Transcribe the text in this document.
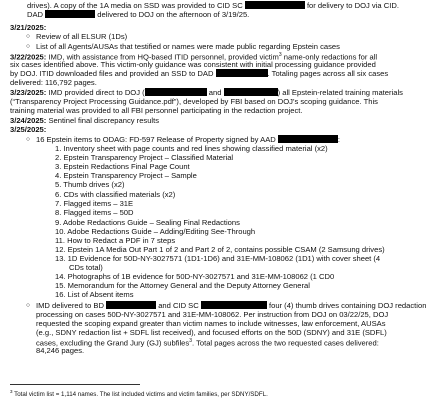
drives). A copy of the 1A media on SSD was provided to CID SC	for delivery to DOJ via CID.
DAD	delivered to DOJ on the afternoon of 3/19/25.
3/21/2025:
○ Review of all ELSUR (1Ds)
○ List of all Agents/AUSAs that testified or names were made public regarding Epstein cases
3/22/2025: IMD, with assistance from HQ-based ITID personnel, provided victim$^3$ name-only redactions for all
six cases identified above. This victim-only guidance was consistent with initial processing guidance provided
by DOJ. ITID downloaded files and provided an SSD to DAD	. Totaling pages across all six cases
delivered: 116,792 pages.
3/23/2025: IMD provided direct to DOJ (	and	) all Epstein-related training materials
(“Transparency Project Processing Guidance.pdf”), developed by FBI based on DOJ’s scoping guidance. This
training material was provided to all FBI personnel participating in the redaction project.
3/24/2025: Sentinel final discrepancy results
3/25/2025:
○ 16 Epstein items to ODAG: FD-597 Release of Property signed by AAD	:
1. Inventory sheet with page counts and red lines showing classified material (x2)
2. Epstein Transparency Project – Classified Material
3. Epstein Redactions Final Page Count
4. Epstein Transparency Project – Sample
5. Thumb drives (x2)
6. CDs with classified materials (x2)
7. Flagged items – 31E
8. Flagged items – 50D
9. Adobe Redactions Guide – Sealing Final Redactions
10. Adobe Redactions Guide – Adding/Editing See-Through
11. How to Redact a PDF in 7 steps
12. Epstein 1A Media Out Part 1 of 2 and Part 2 of 2, contains possible CSAM (2 Samsung drives)
13. 1D Evidence for 50D-NY-3027571 (1D1-1D6) and 31E-MM-108062 (1D1) with cover sheet (4
CDs total)
14. Photographs of 1B evidence for 50D-NY-3027571 and 31E-MM-108062 (1 CD0
15. Memorandum for the Attorney General and the Deputy Attorney General
16. List of Absent items
○ IMD delivered to BD	and CID SC	four (4) thumb drives containing DOJ redaction
processing on cases 50D-NY-3027571 and 31E-MM-108062. Per instruction from DOJ on 03/22/25, DOJ
requested the scoping expand greater than victim names to include witnesses, law enforcement, AUSAs
(e.g., SDNY redaction list + SDFL list received), and focused efforts on the 50D (SDNY) and 31E (SDFL)
cases, excluding the Grand Jury (GJ) subfiles$^3$. Total pages across the two requested cases delivered:
84,246 pages.
$^3$ Total victim list = 1,114 names. The list included victims and victim families, per SDNY/SDFL.
